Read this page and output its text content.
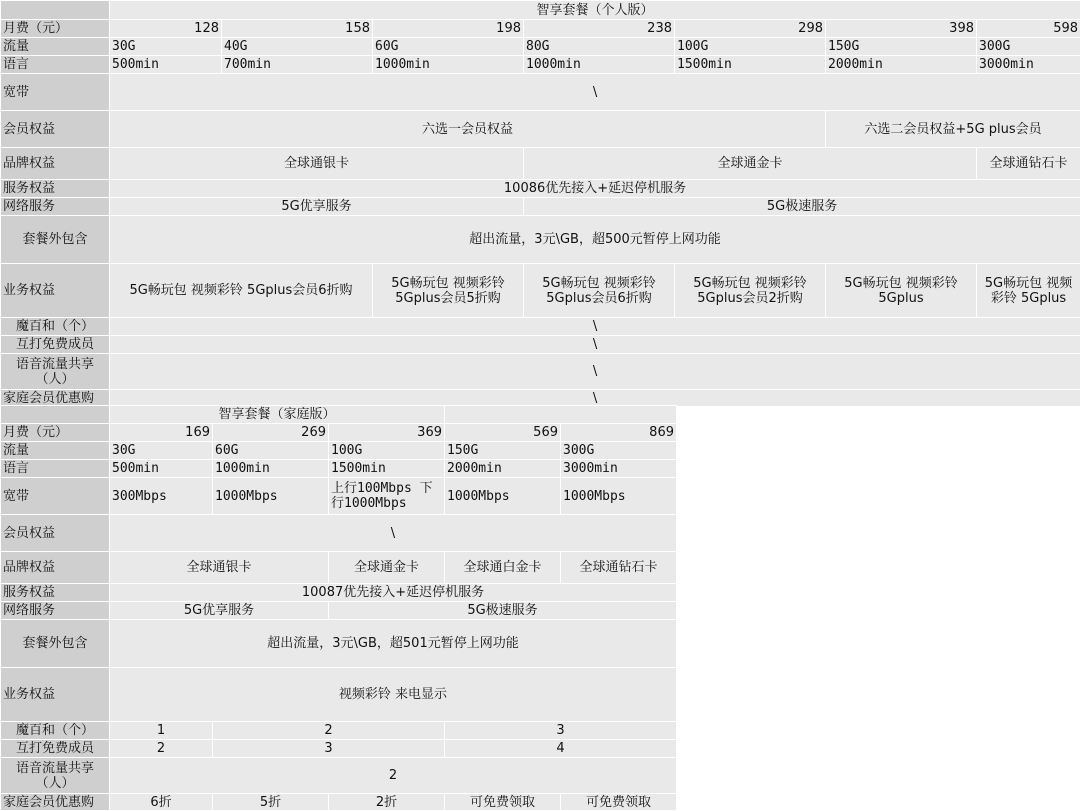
	智享套餐（个人版）						
月费（元）	128	158	198	238	298	398	598
流量	30G	40G	60G	80G	100G	150G	300G
语言	500min	700min	1000min	1000min	1500min	2000min	3000min
宽带	\						
会员权益	六选一会员权益					六选二会员权益+5G plus会员	
品牌权益	全球通银卡			全球通金卡			全球通钻石卡
服务权益	10086优先接入+延迟停机服务						
网络服务	5G优享服务			5G极速服务			
套餐外包含	超出流量，3元\GB，超500元暂停上网功能						
业务权益	5G畅玩包 视频彩铃 5Gplus会员6折购		5G畅玩包 视频彩铃 5Gplus会员5折购	5G畅玩包 视频彩铃 5Gplus会员6折购	5G畅玩包 视频彩铃 5Gplus会员2折购	5G畅玩包 视频彩铃 5Gplus	5G畅玩包 视频彩铃 5Gplus
魔百和（个）	\						
互打免费成员	\						
语音流量共享（人）	\						
家庭会员优惠购	\						
	智享套餐（家庭版）				
月费（元）	169	269	369	569	869
流量	30G	60G	100G	150G	300G
语言	500min	1000min	1500min	2000min	3000min
宽带	300Mbps	1000Mbps	上行100Mbps 下行1000Mbps	1000Mbps	1000Mbps
会员权益	\				
品牌权益	全球通银卡		全球通金卡	全球通白金卡	全球通钻石卡
服务权益	10087优先接入+延迟停机服务				
网络服务	5G优享服务		5G极速服务		
套餐外包含	超出流量，3元\GB，超501元暂停上网功能				
业务权益	视频彩铃 来电显示				
魔百和（个）	1	2		3	
互打免费成员	2	3		4	
语音流量共享（人）	2				
家庭会员优惠购	6折	5折	2折	可免费领取	可免费领取
